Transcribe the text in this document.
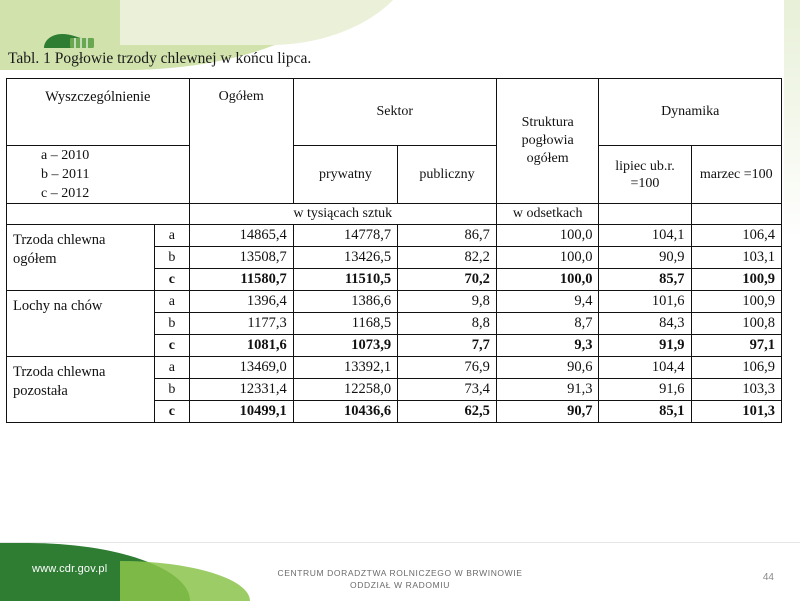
Tabl. 1 Pogłowie trzody chlewnej w końcu lipca.
Wyszczególnienie		Ogółem	Sektor		Struktura pogłowia ogółem	Dynamika	

a – 2010
b – 2011
c – 2012			prywatny	publiczny		lipiec ub.r. =100	marzec =100
		w tysiącach sztuk			w odsetkach		

Trzoda chlewna
ogółem	a	14865,4	14778,7	86,7	100,0	104,1	106,4
	b	13508,7	13426,5	82,2	100,0	90,9	103,1
	c	11580,7	11510,5	70,2	100,0	85,7	100,9

Lochy na chów	a	1396,4	1386,6	9,8	9,4	101,6	100,9
	b	1177,3	1168,5	8,8	8,7	84,3	100,8
	c	1081,6	1073,9	7,7	9,3	91,9	97,1

Trzoda chlewna
pozostała	a	13469,0	13392,1	76,9	90,6	104,4	106,9
	b	12331,4	12258,0	73,4	91,3	91,6	103,3
	c	10499,1	10436,6	62,5	90,7	85,1	101,3
wedlugdomowe.pl
www.cdr.gov.pl	CENTRUM DORADZTWA ROLNICZEGO W BRWINOWIE
ODDZIAŁ W RADOMIU
44
